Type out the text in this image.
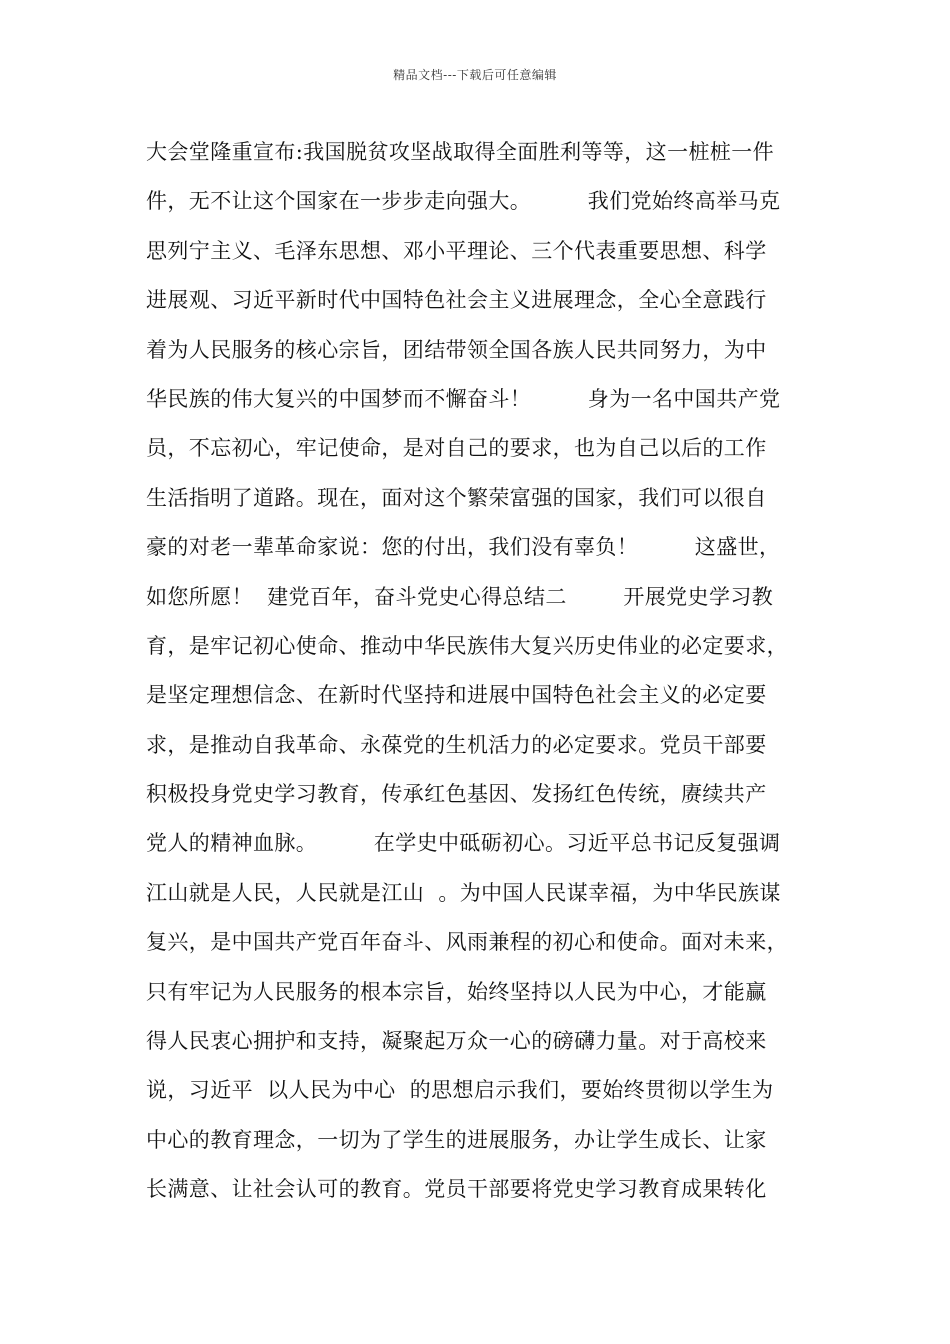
精品文档---下载后可任意编辑
大会堂隆重宣布:我国脱贫攻坚战取得全面胜利等等，这一桩桩一件
件，无不让这个国家在一步步走向强大。        我们党始终高举马克
思列宁主义、毛泽东思想、邓小平理论、三个代表重要思想、科学
进展观、习近平新时代中国特色社会主义进展理念，全心全意践行
着为人民服务的核心宗旨，团结带领全国各族人民共同努力，为中
华民族的伟大复兴的中国梦而不懈奋斗！        身为一名中国共产党
员，不忘初心，牢记使命，是对自己的要求，也为自己以后的工作
生活指明了道路。现在，面对这个繁荣富强的国家，我们可以很自
豪的对老一辈革命家说：您的付出，我们没有辜负！        这盛世，
如您所愿！  建党百年，奋斗党史心得总结二        开展党史学习教
育，是牢记初心使命、推动中华民族伟大复兴历史伟业的必定要求，
是坚定理想信念、在新时代坚持和进展中国特色社会主义的必定要
求，是推动自我革命、永葆党的生机活力的必定要求。党员干部要
积极投身党史学习教育，传承红色基因、发扬红色传统，赓续共产
党人的精神血脉。        在学史中砥砺初心。习近平总书记反复强调
江山就是人民，人民就是江山  。为中国人民谋幸福，为中华民族谋
复兴，是中国共产党百年奋斗、风雨兼程的初心和使命。面对未来，
只有牢记为人民服务的根本宗旨，始终坚持以人民为中心，才能赢
得人民衷心拥护和支持，凝聚起万众一心的磅礴力量。对于高校来
说，习近平  以人民为中心  的思想启示我们，要始终贯彻以学生为
中心的教育理念，一切为了学生的进展服务，办让学生成长、让家
长满意、让社会认可的教育。党员干部要将党史学习教育成果转化
